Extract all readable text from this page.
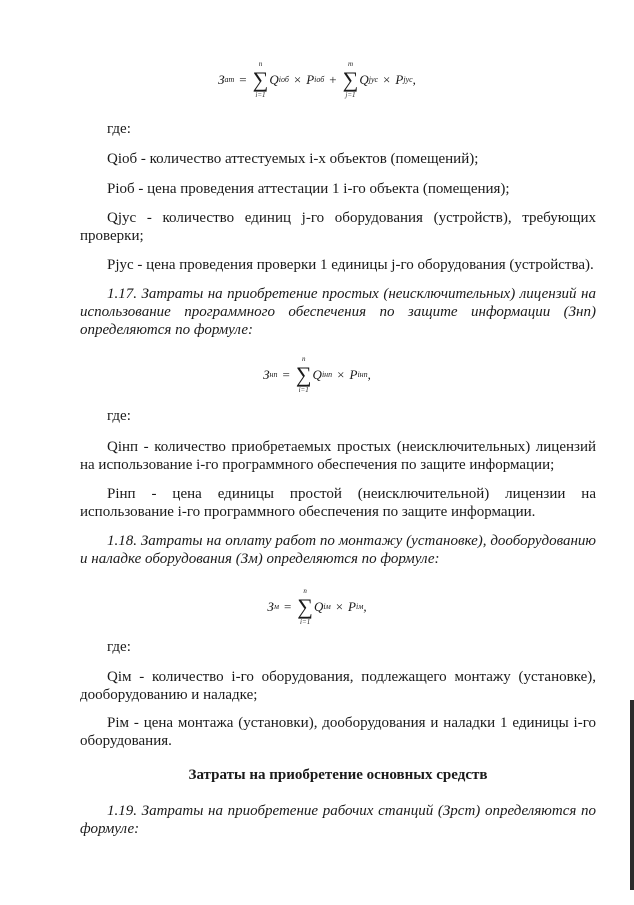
З ат =
n
∑
i=1
Q iоб × P iоб +
m
∑
j=1
Q jус × P jус ,

где:

Qiоб - количество аттестуемых i-х объектов (помещений);

Piоб - цена проведения аттестации 1 i-го объекта (помещения);

Qjус - количество единиц j-го оборудования (устройств), требующих проверки;

Pjус - цена проведения проверки 1 единицы j-го оборудования (устройства).

1.17. Затраты на приобретение простых (неисключительных) лицензий на использование программного обеспечения по защите информации (Знп) определяются по формуле:

З нп =
n
∑
i=1
Q iнп × P iнп ,

где:

Qiнп - количество приобретаемых простых (неисключительных) лицензий на использование i-го программного обеспечения по защите информации;

Piнп - цена единицы простой (неисключительной) лицензии на использование i-го программного обеспечения по защите информации.

1.18. Затраты на оплату работ по монтажу (установке), дооборудованию и наладке оборудования (Зм) определяются по формуле:

З м =
n
∑
i=1
Q iм × P iм ,

где:

Qiм - количество i-го оборудования, подлежащего монтажу (установке), дооборудованию и наладке;

Piм - цена монтажа (установки), дооборудования и наладки 1 единицы i-го оборудования.

Затраты на приобретение основных средств

1.19. Затраты на приобретение рабочих станций (Зрст) определяются по формуле:
